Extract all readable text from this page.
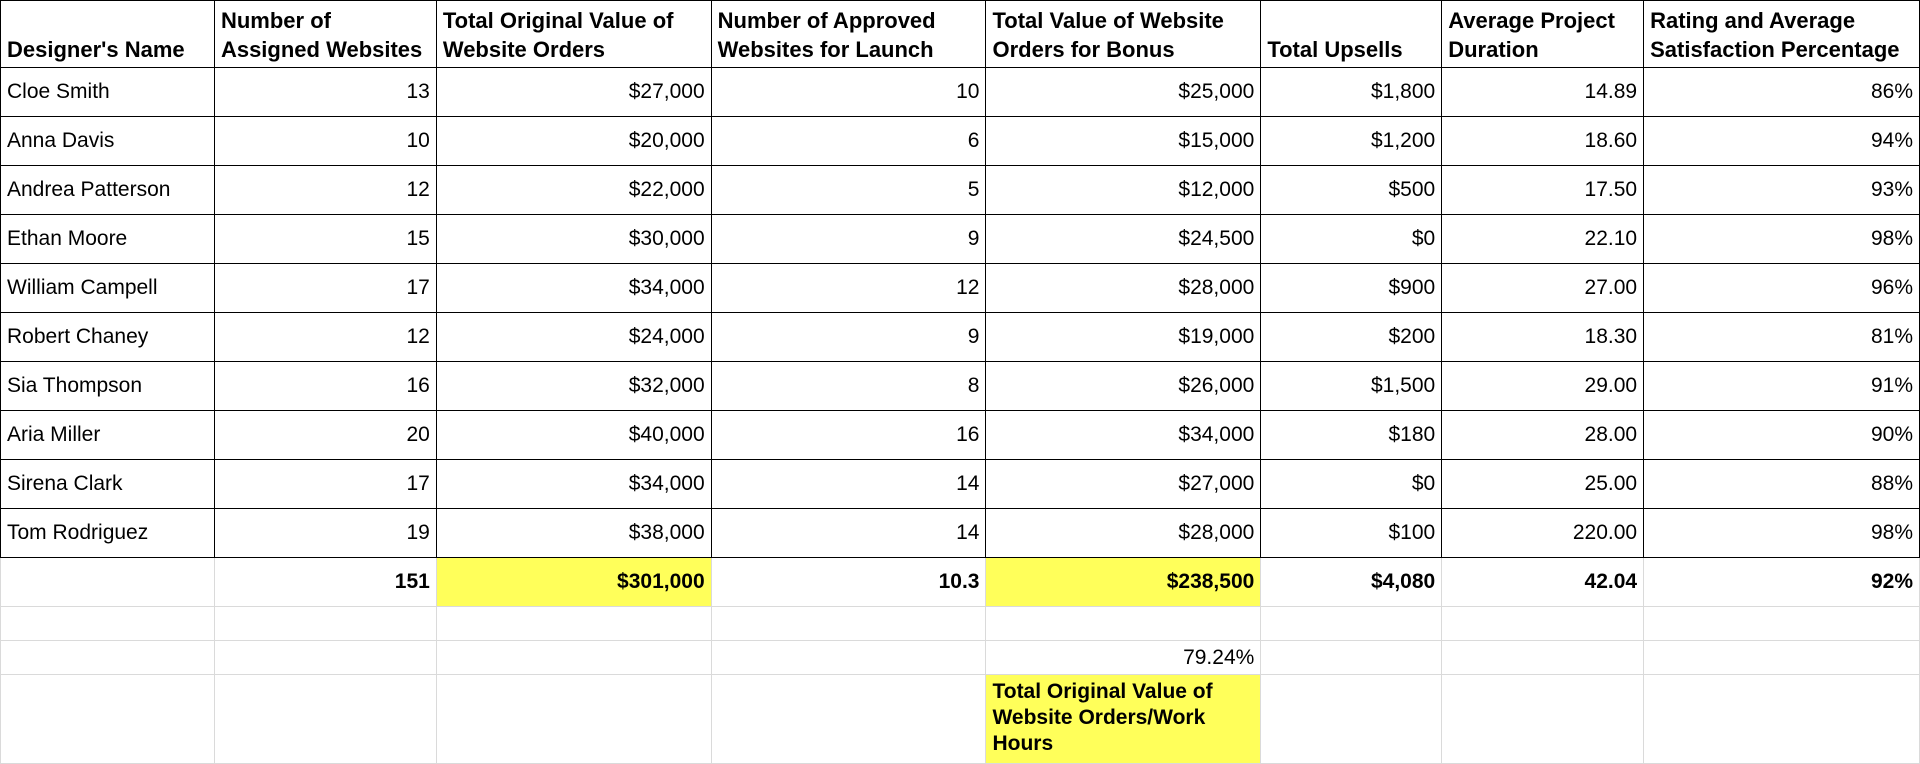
Designer's Name	Number of Assigned Websites	Total Original Value of Website Orders	Number of Approved Websites for Launch	Total Value of Website Orders for Bonus	Total Upsells	Average Project Duration	Rating and Average Satisfaction Percentage
Cloe Smith	13	$27,000	10	$25,000	$1,800	14.89	86%
Anna Davis	10	$20,000	6	$15,000	$1,200	18.60	94%
Andrea Patterson	12	$22,000	5	$12,000	$500	17.50	93%
Ethan Moore	15	$30,000	9	$24,500	$0	22.10	98%
William Campell	17	$34,000	12	$28,000	$900	27.00	96%
Robert Chaney	12	$24,000	9	$19,000	$200	18.30	81%
Sia Thompson	16	$32,000	8	$26,000	$1,500	29.00	91%
Aria Miller	20	$40,000	16	$34,000	$180	28.00	90%
Sirena Clark	17	$34,000	14	$27,000	$0	25.00	88%
Tom Rodriguez	19	$38,000	14	$28,000	$100	220.00	98%
	151	$301,000	10.3	$238,500	$4,080	42.04	92%

				79.24%			
				Total Original Value of Website Orders/Work Hours			
